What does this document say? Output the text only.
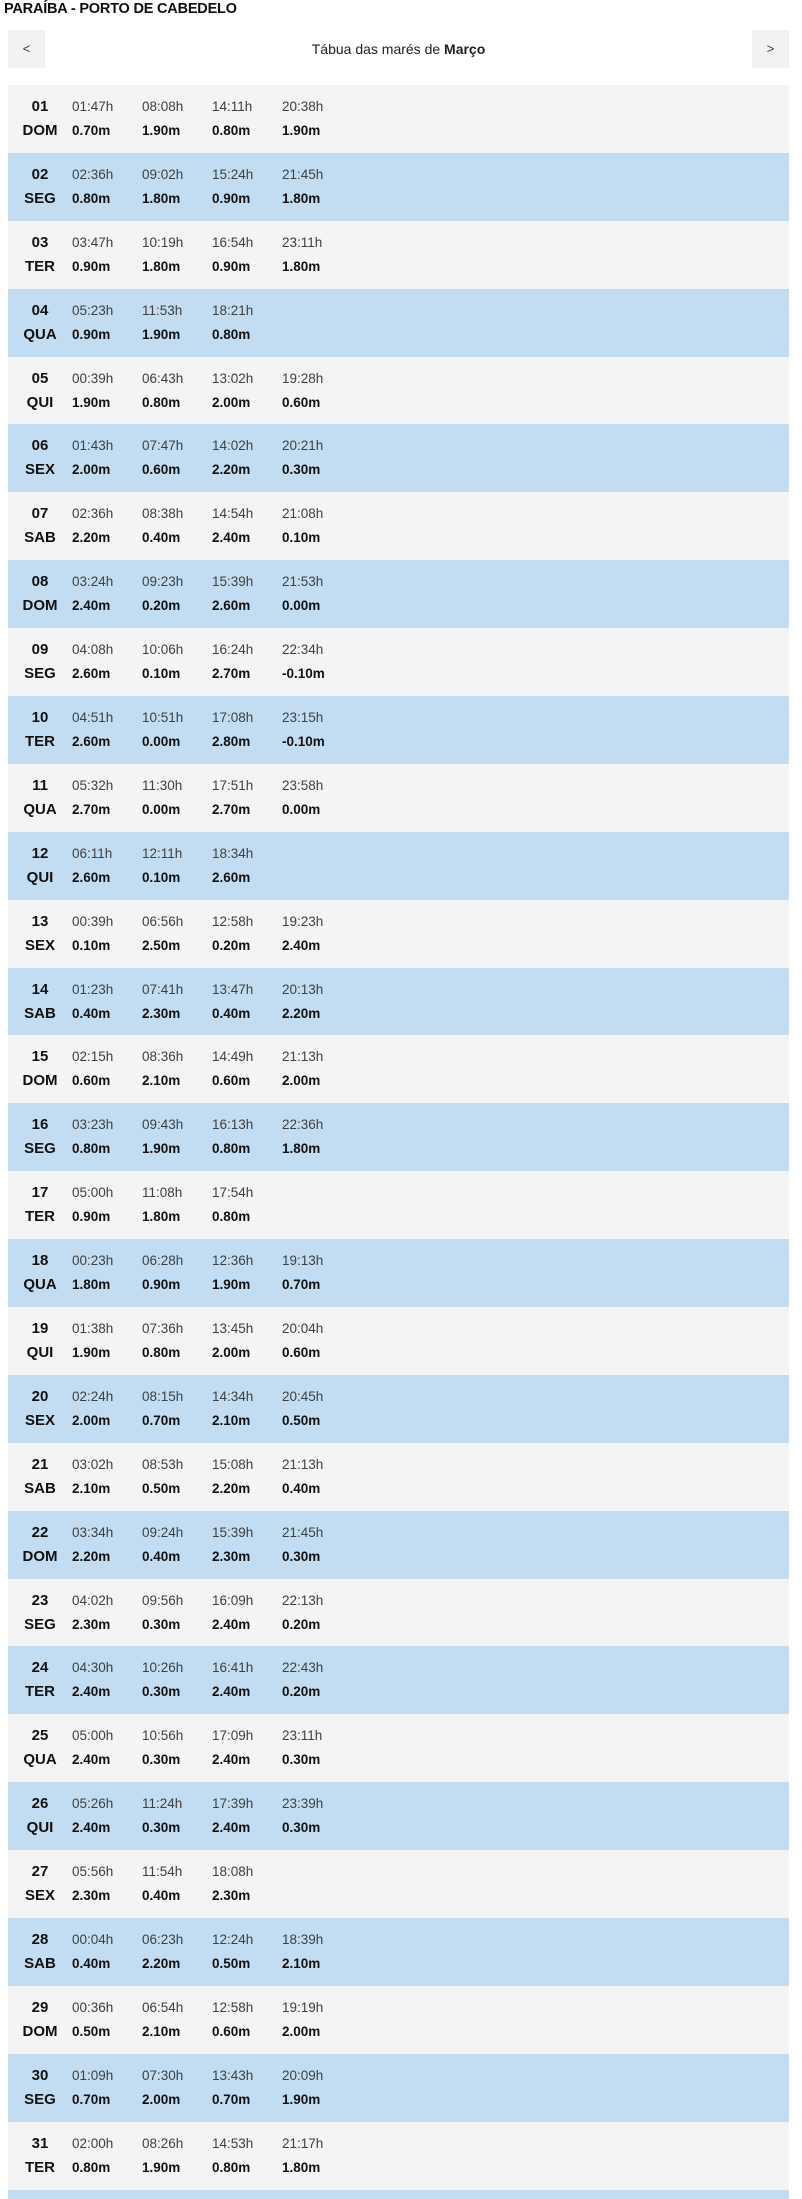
PARAÍBA - PORTO DE CABEDELO
<	Tábua das marés de Março	>
01
DOM
01:47h
0.70m
08:08h
1.90m
14:11h
0.80m
20:38h
1.90m
02
SEG
02:36h
0.80m
09:02h
1.80m
15:24h
0.90m
21:45h
1.80m
03
TER
03:47h
0.90m
10:19h
1.80m
16:54h
0.90m
23:11h
1.80m
04
QUA
05:23h
0.90m
11:53h
1.90m
18:21h
0.80m
05
QUI
00:39h
1.90m
06:43h
0.80m
13:02h
2.00m
19:28h
0.60m
06
SEX
01:43h
2.00m
07:47h
0.60m
14:02h
2.20m
20:21h
0.30m
07
SAB
02:36h
2.20m
08:38h
0.40m
14:54h
2.40m
21:08h
0.10m
08
DOM
03:24h
2.40m
09:23h
0.20m
15:39h
2.60m
21:53h
0.00m
09
SEG
04:08h
2.60m
10:06h
0.10m
16:24h
2.70m
22:34h
-0.10m
10
TER
04:51h
2.60m
10:51h
0.00m
17:08h
2.80m
23:15h
-0.10m
11
QUA
05:32h
2.70m
11:30h
0.00m
17:51h
2.70m
23:58h
0.00m
12
QUI
06:11h
2.60m
12:11h
0.10m
18:34h
2.60m
13
SEX
00:39h
0.10m
06:56h
2.50m
12:58h
0.20m
19:23h
2.40m
14
SAB
01:23h
0.40m
07:41h
2.30m
13:47h
0.40m
20:13h
2.20m
15
DOM
02:15h
0.60m
08:36h
2.10m
14:49h
0.60m
21:13h
2.00m
16
SEG
03:23h
0.80m
09:43h
1.90m
16:13h
0.80m
22:36h
1.80m
17
TER
05:00h
0.90m
11:08h
1.80m
17:54h
0.80m
18
QUA
00:23h
1.80m
06:28h
0.90m
12:36h
1.90m
19:13h
0.70m
19
QUI
01:38h
1.90m
07:36h
0.80m
13:45h
2.00m
20:04h
0.60m
20
SEX
02:24h
2.00m
08:15h
0.70m
14:34h
2.10m
20:45h
0.50m
21
SAB
03:02h
2.10m
08:53h
0.50m
15:08h
2.20m
21:13h
0.40m
22
DOM
03:34h
2.20m
09:24h
0.40m
15:39h
2.30m
21:45h
0.30m
23
SEG
04:02h
2.30m
09:56h
0.30m
16:09h
2.40m
22:13h
0.20m
24
TER
04:30h
2.40m
10:26h
0.30m
16:41h
2.40m
22:43h
0.20m
25
QUA
05:00h
2.40m
10:56h
0.30m
17:09h
2.40m
23:11h
0.30m
26
QUI
05:26h
2.40m
11:24h
0.30m
17:39h
2.40m
23:39h
0.30m
27
SEX
05:56h
2.30m
11:54h
0.40m
18:08h
2.30m
28
SAB
00:04h
0.40m
06:23h
2.20m
12:24h
0.50m
18:39h
2.10m
29
DOM
00:36h
0.50m
06:54h
2.10m
12:58h
0.60m
19:19h
2.00m
30
SEG
01:09h
0.70m
07:30h
2.00m
13:43h
0.70m
20:09h
1.90m
31
TER
02:00h
0.80m
08:26h
1.90m
14:53h
0.80m
21:17h
1.80m
